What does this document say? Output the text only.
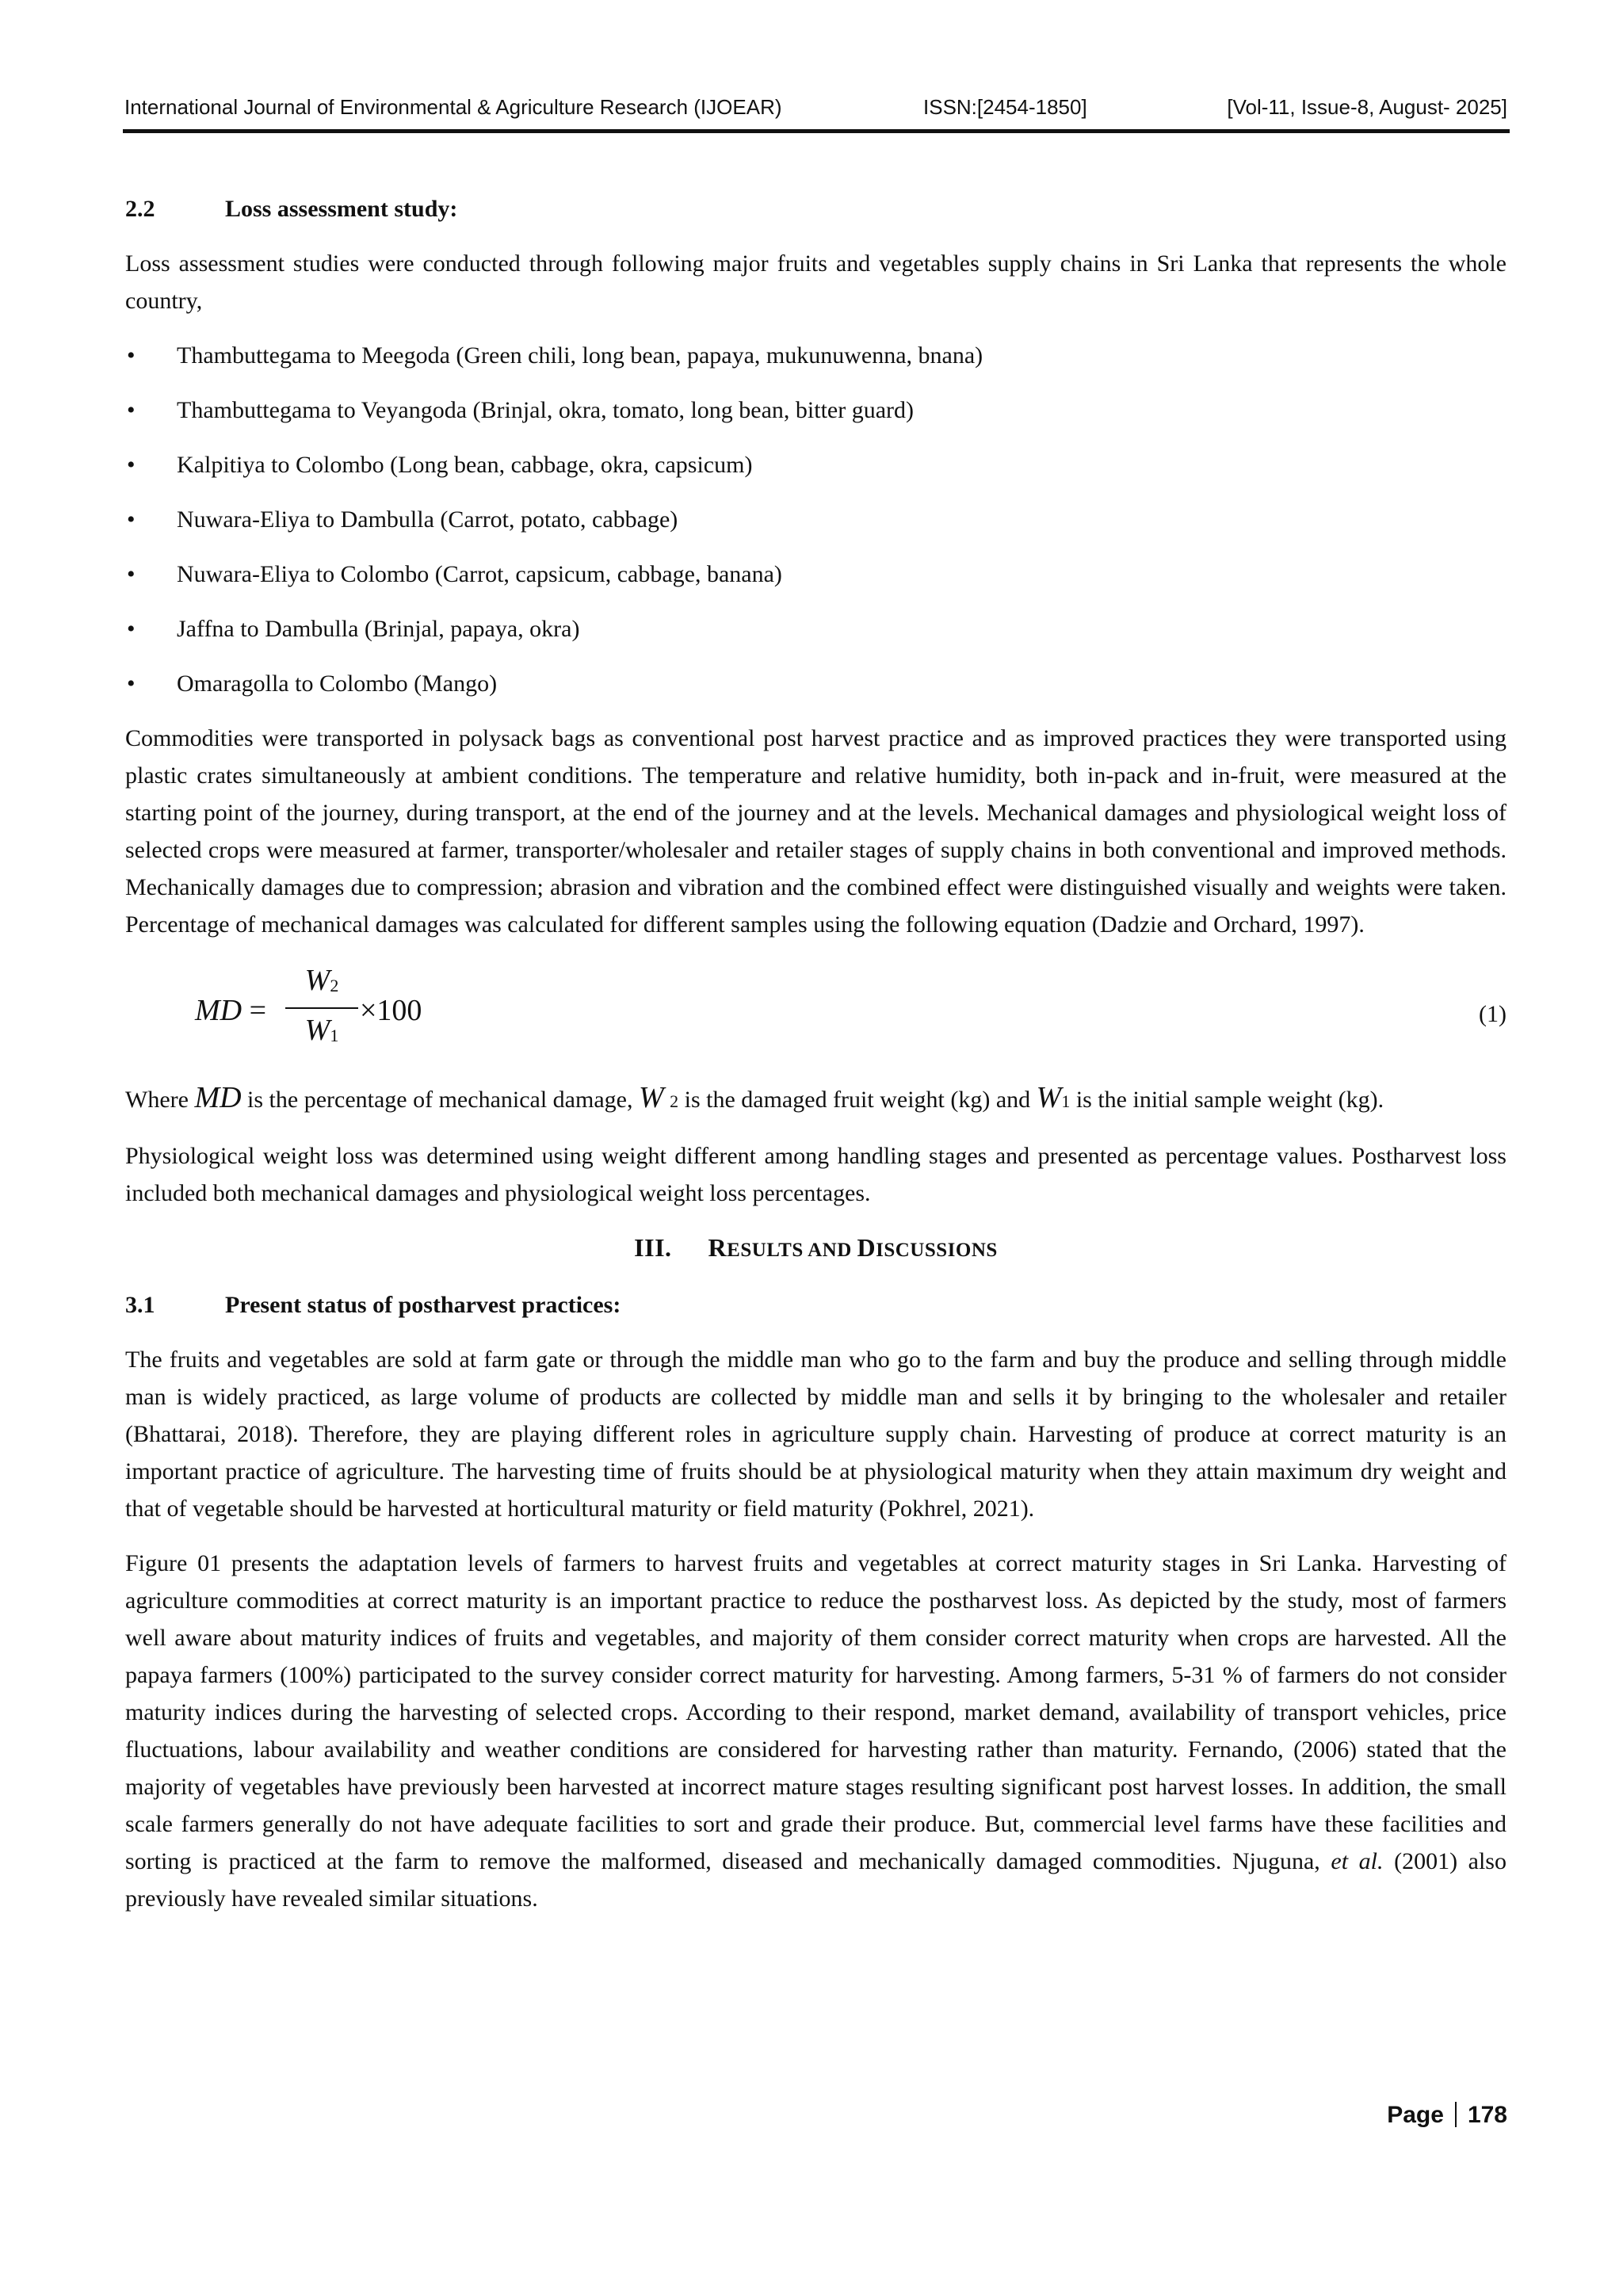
International Journal of Environmental & Agriculture Research (IJOEAR)	ISSN:[2454-1850]	[Vol-11, Issue-8, August- 2025]
2.2	Loss assessment study:

Loss assessment studies were conducted through following major fruits and vegetables supply chains in Sri Lanka that represents the whole country,

• Thambuttegama to Meegoda (Green chili, long bean, papaya, mukunuwenna, bnana)
• Thambuttegama to Veyangoda (Brinjal, okra, tomato, long bean, bitter guard)
• Kalpitiya to Colombo (Long bean, cabbage, okra, capsicum)
• Nuwara-Eliya to Dambulla (Carrot, potato, cabbage)
• Nuwara-Eliya to Colombo (Carrot, capsicum, cabbage, banana)
• Jaffna to Dambulla (Brinjal, papaya, okra)
• Omaragolla to Colombo (Mango)

Commodities were transported in polysack bags as conventional post harvest practice and as improved practices they were transported using plastic crates simultaneously at ambient conditions. The temperature and relative humidity, both in-pack and in-fruit, were measured at the starting point of the journey, during transport, at the end of the journey and at the levels. Mechanical damages and physiological weight loss of selected crops were measured at farmer, transporter/wholesaler and retailer stages of supply chains in both conventional and improved methods. Mechanically damages due to compression; abrasion and vibration and the combined effect were distinguished visually and weights were taken. Percentage of mechanical damages was calculated for different samples using the following equation (Dadzie and Orchard, 1997).

MD =
$W_2$
$W_1$
×100	(1)

Where MD is the percentage of mechanical damage, W 2 is the damaged fruit weight (kg) and W1 is the initial sample weight (kg).

Physiological weight loss was determined using weight different among handling stages and presented as percentage values. Postharvest loss included both mechanical damages and physiological weight loss percentages.

III. RESULTS AND DISCUSSIONS
3.1	Present status of postharvest practices:

The fruits and vegetables are sold at farm gate or through the middle man who go to the farm and buy the produce and selling through middle man is widely practiced, as large volume of products are collected by middle man and sells it by bringing to the wholesaler and retailer (Bhattarai, 2018). Therefore, they are playing different roles in agriculture supply chain. Harvesting of produce at correct maturity is an important practice of agriculture. The harvesting time of fruits should be at physiological maturity when they attain maximum dry weight and that of vegetable should be harvested at horticultural maturity or field maturity (Pokhrel, 2021).

Figure 01 presents the adaptation levels of farmers to harvest fruits and vegetables at correct maturity stages in Sri Lanka. Harvesting of agriculture commodities at correct maturity is an important practice to reduce the postharvest loss. As depicted by the study, most of farmers well aware about maturity indices of fruits and vegetables, and majority of them consider correct maturity when crops are harvested. All the papaya farmers (100%) participated to the survey consider correct maturity for harvesting. Among farmers, 5-31 % of farmers do not consider maturity indices during the harvesting of selected crops. According to their respond, market demand, availability of transport vehicles, price fluctuations, labour availability and weather conditions are considered for harvesting rather than maturity. Fernando, (2006) stated that the majority of vegetables have previously been harvested at incorrect mature stages resulting significant post harvest losses. In addition, the small scale farmers generally do not have adequate facilities to sort and grade their produce. But, commercial level farms have these facilities and sorting is practiced at the farm to remove the malformed, diseased and mechanically damaged commodities. Njuguna, et al. (2001) also previously have revealed similar situations.

Page 178
